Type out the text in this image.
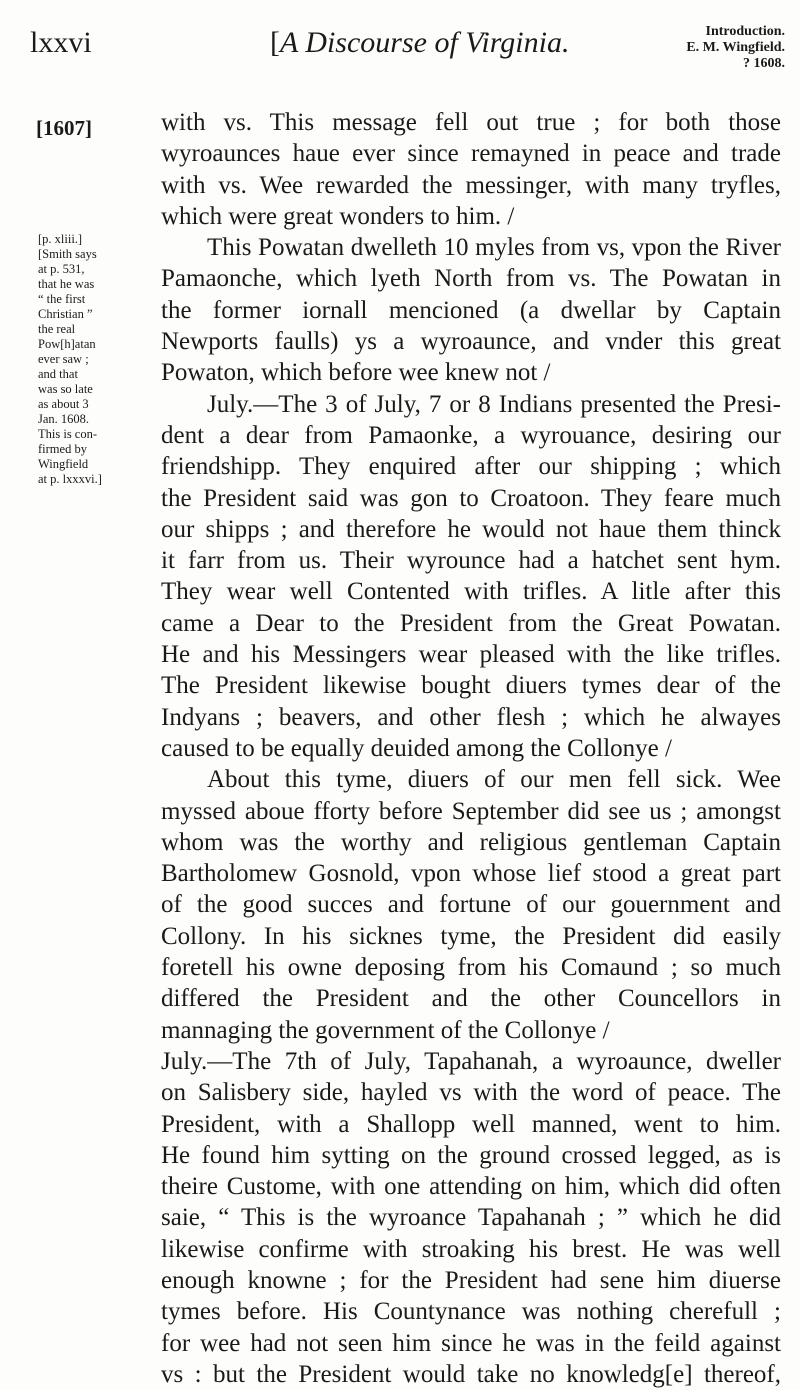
lxxvi	[A Discourse of Virginia.	Introduction.
E. M. Wingfield.
? 1608.
[1607]
[p. xliii.]
[Smith says
at p. 531,
that he was
“ the first
Christian ”
the real
Pow[h]atan
ever saw ;
and that
was so late
as about 3
Jan. 1608.
This is con-
firmed by
Wingfield
at p. lxxxvi.]
with vs. This message fell out true ; for both those
wyroaunces haue ever since remayned in peace and trade
with vs. Wee rewarded the messinger, with many tryfles,
which were great wonders to him. /
This Powatan dwelleth 10 myles from vs, vpon the River
Pamaonche, which lyeth North from vs. The Powatan in
the former iornall mencioned (a dwellar by Captain
Newports faulls) ys a wyroaunce, and vnder this great
Powaton, which before wee knew not /
July.—The 3 of July, 7 or 8 Indians presented the Presi-
dent a dear from Pamaonke, a wyrouance, desiring our
friendshipp. They enquired after our shipping ; which
the President said was gon to Croatoon. They feare much
our shipps ; and therefore he would not haue them thinck
it farr from us. Their wyrounce had a hatchet sent hym.
They wear well Contented with trifles. A litle after this
came a Dear to the President from the Great Powatan.
He and his Messingers wear pleased with the like trifles.
The President likewise bought diuers tymes dear of the
Indyans ; beavers, and other flesh ; which he alwayes
caused to be equally deuided among the Collonye /
About this tyme, diuers of our men fell sick. Wee
myssed aboue fforty before September did see us ; amongst
whom was the worthy and religious gentleman Captain
Bartholomew Gosnold, vpon whose lief stood a great part
of the good succes and fortune of our gouernment and
Collony. In his sicknes tyme, the President did easily
foretell his owne deposing from his Comaund ; so much
differed the President and the other Councellors in
mannaging the government of the Collonye /
July.—The 7th of July, Tapahanah, a wyroaunce, dweller
on Salisbery side, hayled vs with the word of peace. The
President, with a Shallopp well manned, went to him.
He found him sytting on the ground crossed legged, as is
theire Custome, with one attending on him, which did often
saie, “ This is the wyroance Tapahanah ; ” which he did
likewise confirme with stroaking his brest. He was well
enough knowne ; for the President had sene him diuerse
tymes before. His Countynance was nothing cherefull ;
for wee had not seen him since he was in the feild against
vs : but the President would take no knowledg[e] thereof,
